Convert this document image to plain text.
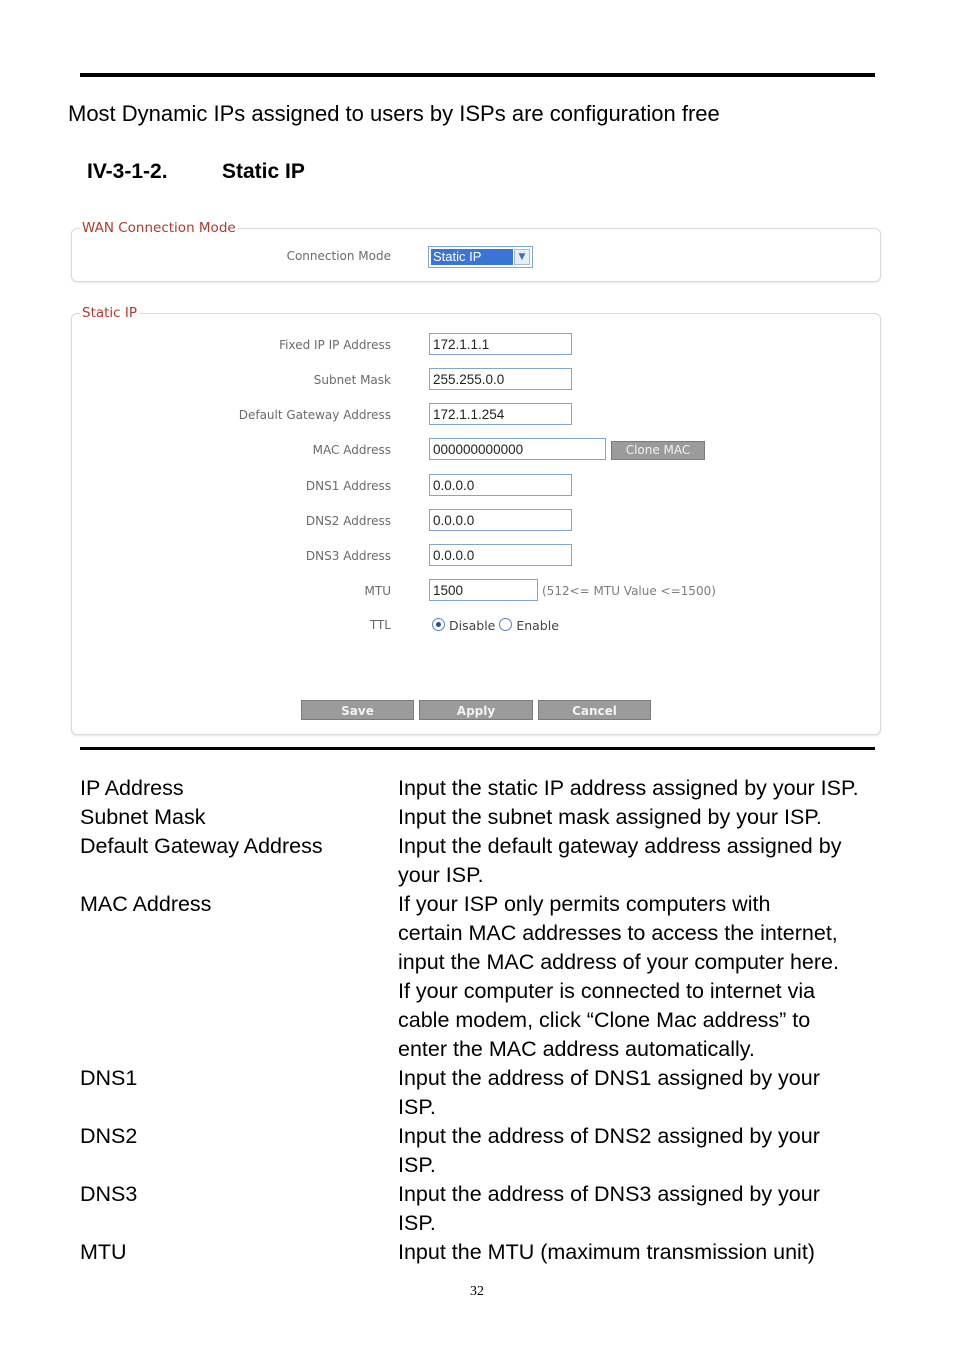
Most Dynamic IPs assigned to users by ISPs are configuration free
IV-3-1-2.	Static IP
WAN Connection Mode
Connection Mode	Static IP	▼
Static IP
Fixed IP IP Address	172.1.1.1
Subnet Mask	255.255.0.0
Default Gateway Address	172.1.1.254
MAC Address	000000000000	Clone MAC
DNS1 Address	0.0.0.0
DNS2 Address	0.0.0.0
DNS3 Address	0.0.0.0
MTU	1500	(512<= MTU Value <=1500)
TTL	Disable Enable
Save	Apply	Cancel
IP Address	Input the static IP address assigned by your ISP.
Subnet Mask	Input the subnet mask assigned by your ISP.
Default Gateway Address	Input the default gateway address assigned by
your ISP.
MAC Address	If your ISP only permits computers with
certain MAC addresses to access the internet,
input the MAC address of your computer here.
If your computer is connected to internet via
cable modem, click “Clone Mac address” to
enter the MAC address automatically.
DNS1	Input the address of DNS1 assigned by your
ISP.
DNS2	Input the address of DNS2 assigned by your
ISP.
DNS3	Input the address of DNS3 assigned by your
ISP.
MTU	Input the MTU (maximum transmission unit)
32
